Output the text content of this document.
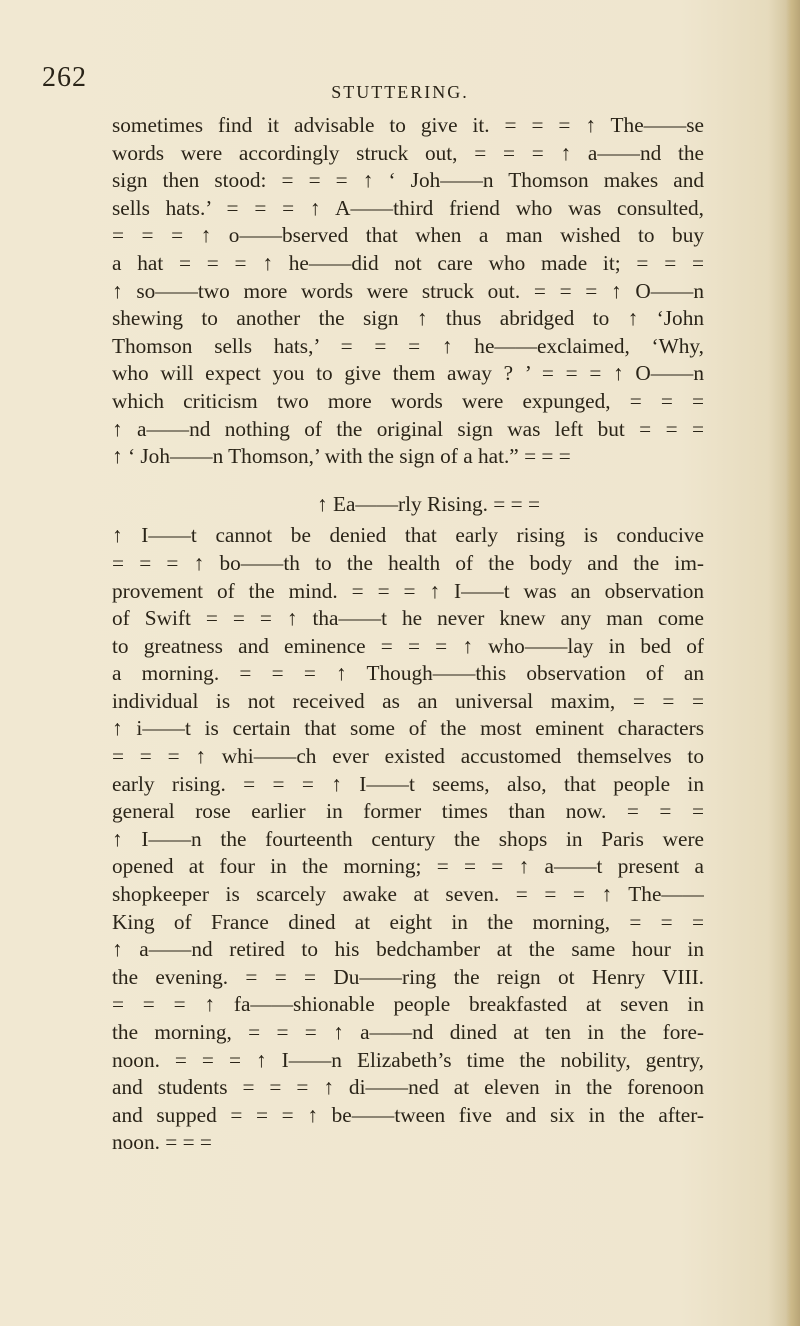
262	STUTTERING.
sometimes find it advisable to give it. = = = ↑ The——se
words were accordingly struck out, = = = ↑ a——nd the
sign then stood: = = = ↑ ‘ Joh——n Thomson makes and
sells hats.’ = = = ↑ A——third friend who was consulted,
= = = ↑ o——bserved that when a man wished to buy
a hat = = = ↑ he——did not care who made it; = = =
↑ so——two more words were struck out. = = = ↑ O——n
shewing to another the sign ↑ thus abridged to ↑ ‘John
Thomson sells hats,’ = = = ↑ he——exclaimed, ‘Why,
who will expect you to give them away ? ’ = = = ↑ O——n
which criticism two more words were expunged, = = =
↑ a——nd nothing of the original sign was left but = = =
↑ ‘ Joh——n Thomson,’ with the sign of a hat.” = = =
↑ Ea——rly Rising. = = =
↑ I——t cannot be denied that early rising is conducive
= = = ↑ bo——th to the health of the body and the im-
provement of the mind. = = = ↑ I——t was an observation
of Swift = = = ↑ tha——t he never knew any man come
to greatness and eminence = = = ↑ who——lay in bed of
a morning. = = = ↑ Though——this observation of an
individual is not received as an universal maxim, = = =
↑ i——t is certain that some of the most eminent characters
= = = ↑ whi——ch ever existed accustomed themselves to
early rising. = = = ↑ I——t seems, also, that people in
general rose earlier in former times than now. = = =
↑ I——n the fourteenth century the shops in Paris were
opened at four in the morning; = = = ↑ a——t present a
shopkeeper is scarcely awake at seven. = = = ↑ The——
King of France dined at eight in the morning, = = =
↑ a——nd retired to his bedchamber at the same hour in
the evening. = = = Du——ring the reign ot Henry VIII.
= = = ↑ fa——shionable people breakfasted at seven in
the morning, = = = ↑ a——nd dined at ten in the fore-
noon. = = = ↑ I——n Elizabeth’s time the nobility, gentry,
and students = = = ↑ di——ned at eleven in the forenoon
and supped = = = ↑ be——tween five and six in the after-
noon. = = =
